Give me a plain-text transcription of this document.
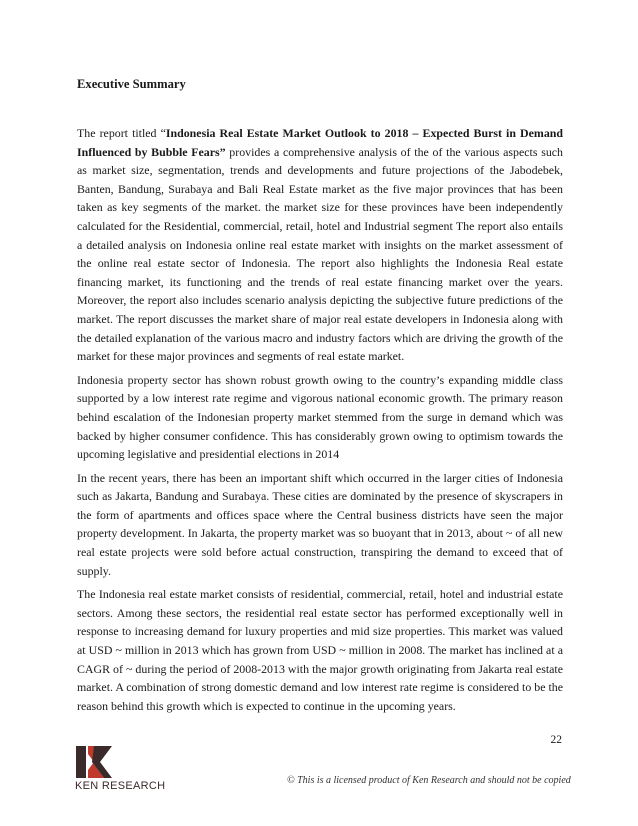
Executive Summary

The report titled “Indonesia Real Estate Market Outlook to 2018 – Expected Burst in Demand Influenced by Bubble Fears” provides a comprehensive analysis of the of the various aspects such as market size, segmentation, trends and developments and future projections of the Jabodebek, Banten, Bandung, Surabaya and Bali Real Estate market as the five major provinces that has been taken as key segments of the market. the market size for these provinces have been independently calculated for the Residential, commercial, retail, hotel and Industrial segment The report also entails a detailed analysis on Indonesia online real estate market with insights on the market assessment of the online real estate sector of Indonesia. The report also highlights the Indonesia Real estate financing market, its functioning and the trends of real estate financing market over the years. Moreover, the report also includes scenario analysis depicting the subjective future predictions of the market. The report discusses the market share of major real estate developers in Indonesia along with the detailed explanation of the various macro and industry factors which are driving the growth of the market for these major provinces and segments of real estate market.

Indonesia property sector has shown robust growth owing to the country’s expanding middle class supported by a low interest rate regime and vigorous national economic growth. The primary reason behind escalation of the Indonesian property market stemmed from the surge in demand which was backed by higher consumer confidence. This has considerably grown owing to optimism towards the upcoming legislative and presidential elections in 2014

In the recent years, there has been an important shift which occurred in the larger cities of Indonesia such as Jakarta, Bandung and Surabaya. These cities are dominated by the presence of skyscrapers in the form of apartments and offices space where the Central business districts have seen the major property development. In Jakarta, the property market was so buoyant that in 2013, about ~ of all new real estate projects were sold before actual construction, transpiring the demand to exceed that of supply.

The Indonesia real estate market consists of residential, commercial, retail, hotel and industrial estate sectors. Among these sectors, the residential real estate sector has performed exceptionally well in response to increasing demand for luxury properties and mid size properties. This market was valued at USD ~ million in 2013 which has grown from USD ~ million in 2008. The market has inclined at a CAGR of ~ during the period of 2008-2013 with the major growth originating from Jakarta real estate market. A combination of strong domestic demand and low interest rate regime is considered to be the reason behind this growth which is expected to continue in the upcoming years.

22
KEN RESEARCH	© This is a licensed product of Ken Research and should not be copied
